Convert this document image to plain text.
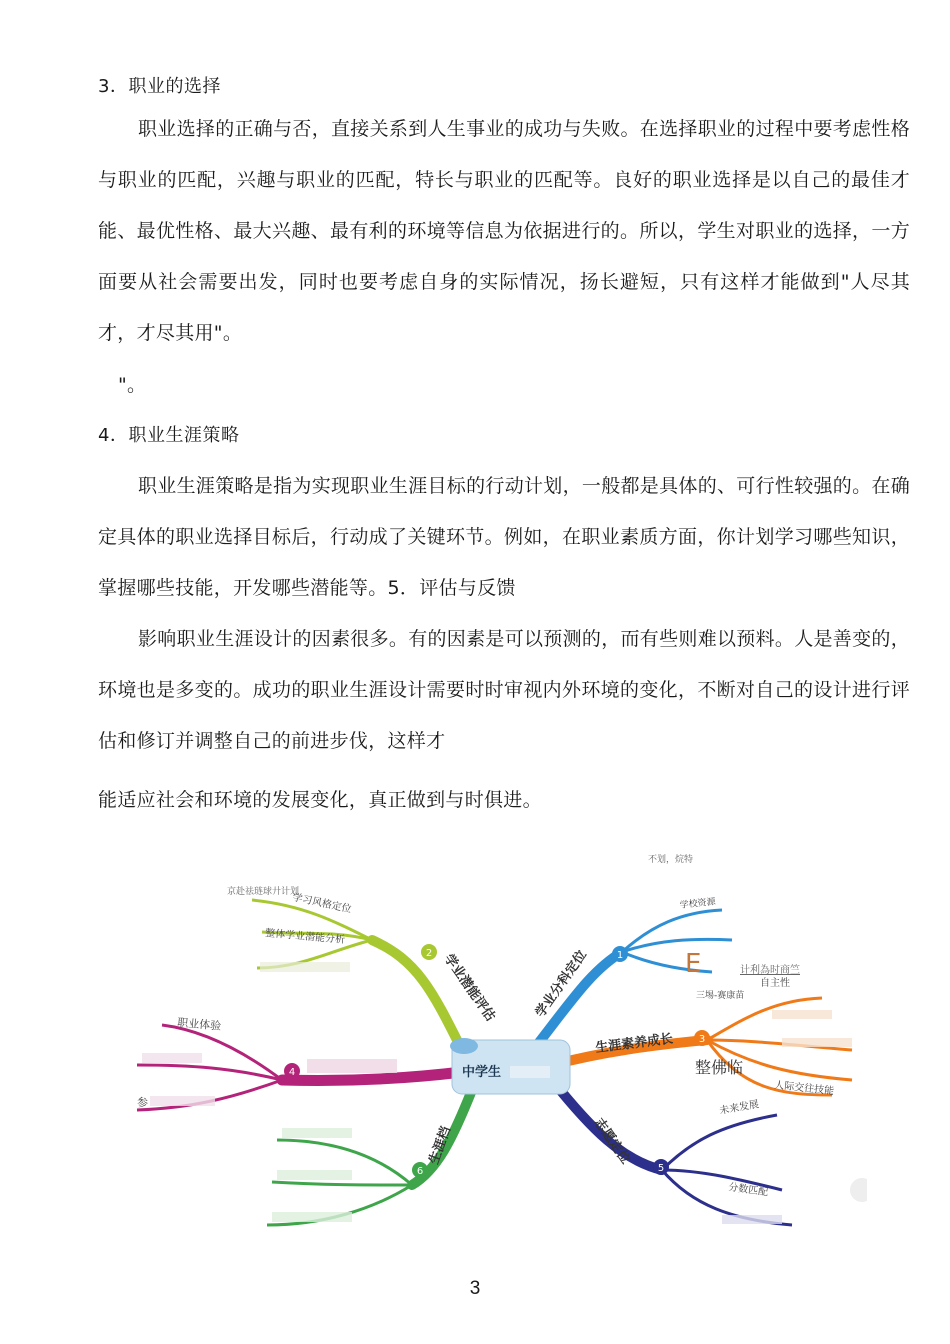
3．职业的选择

职业选择的正确与否，直接关系到人生事业的成功与失败。在选择职业的过程中要考虑性格与职业的匹配，兴趣与职业的匹配，特长与职业的匹配等。良好的职业选择是以自己的最佳才能、最优性格、最大兴趣、最有利的环境等信息为依据进行的。所以，学生对职业的选择，一方面要从社会需要出发，同时也要考虑自身的实际情况，扬长避短，只有这样才能做到"人尽其才，才尽其用"。

"。

4．职业生涯策略

职业生涯策略是指为实现职业生涯目标的行动计划，一般都是具体的、可行性较强的。在确定具体的职业选择目标后，行动成了关键环节。例如，在职业素质方面，你计划学习哪些知识，掌握哪些技能，开发哪些潜能等。5．评估与反馈

影响职业生涯设计的因素很多。有的因素是可以预测的，而有些则难以预料。人是善变的，环境也是多变的。成功的职业生涯设计需要时时审视内外环境的变化，不断对自己的设计进行评估和修订并调整自己的前进步伐，这样才

能适应社会和环境的发展变化，真正做到与时俱进。

2 学业潜能评估
学习风格定位
整体学业潜能分析
京赴祛琏球廾计划
4
职业体验
参
6
生涯档
1
学业分科定位
学校资源
不划，烷特
3
生涯素养成长
E	计利為时商竺
自主性
三埸-赛康苗
整佛临
人际交往技能
5
志愿定位
未来发展
分数匹配
中学生
3
